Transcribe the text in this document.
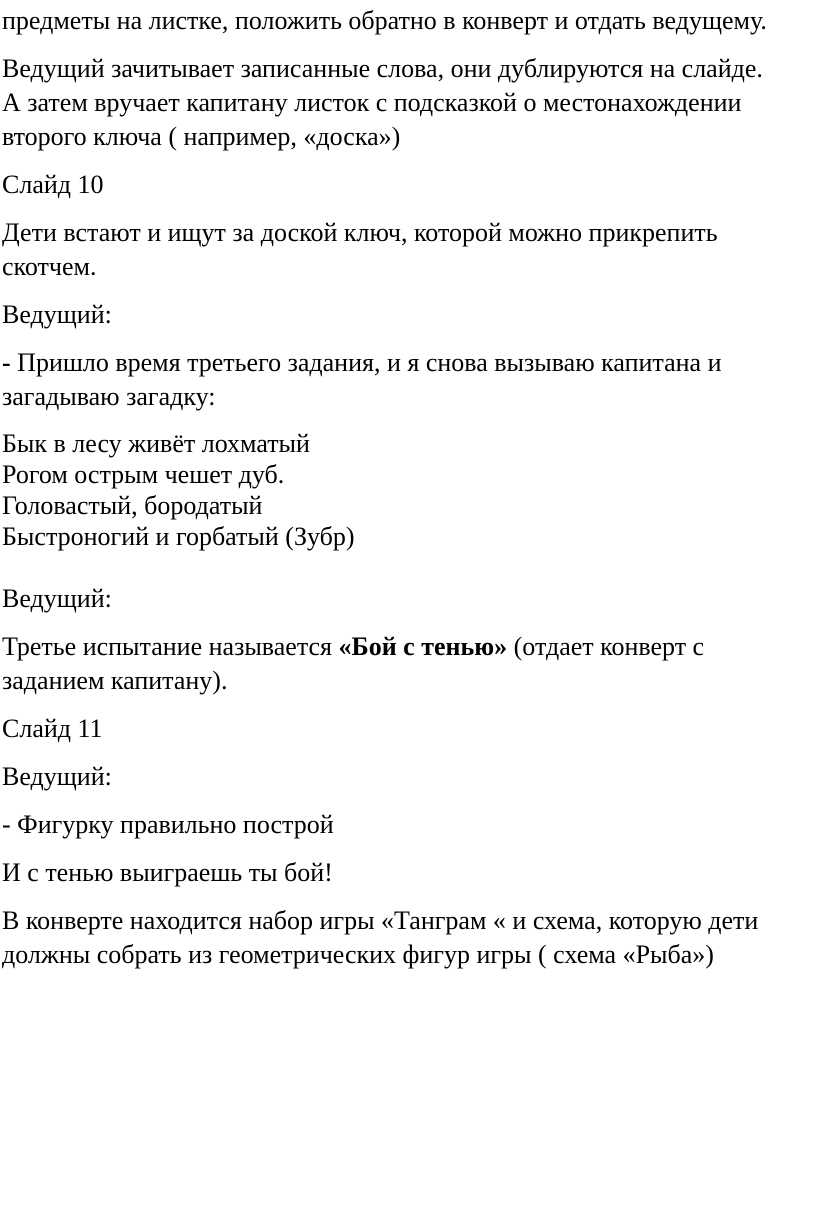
предметы на листке, положить обратно в конверт и отдать ведущему.

Ведущий зачитывает записанные слова, они дублируются на слайде. А затем вручает капитану листок с подсказкой о местонахождении второго ключа ( например, «доска»)

Слайд 10

Дети встают и ищут за доской ключ, которой можно прикрепить скотчем.

Ведущий:

- Пришло время третьего задания, и я снова вызываю капитана и загадываю загадку:

Бык в лесу живёт лохматый
Рогом острым чешет дуб.
Головастый, бородатый
Быстроногий и горбатый (Зубр)

Ведущий:

Третье испытание называется «Бой с тенью» (отдает конверт с заданием капитану).

Слайд 11

Ведущий:

- Фигурку правильно построй

И с тенью выиграешь ты бой!

В конверте находится набор игры «Танграм « и схема, которую дети должны собрать из геометрических фигур игры ( схема «Рыба»)
